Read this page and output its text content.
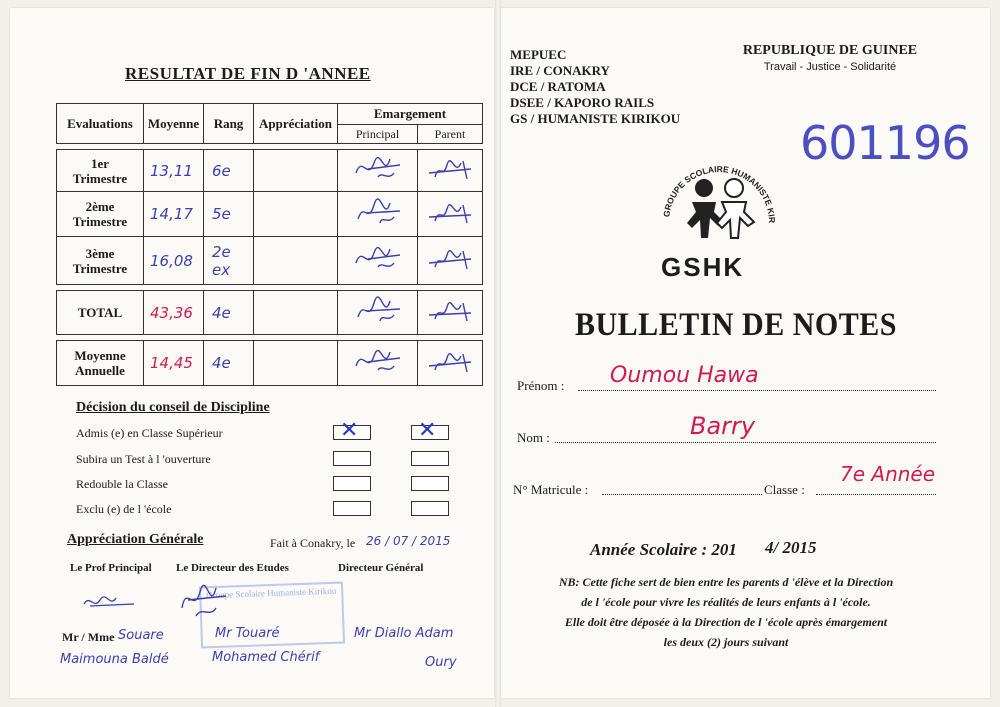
RESULTAT DE FIN D 'ANNEE
Evaluations	Moyenne	Rang	Appréciation	Emargement	
				Principal	Parent

1er
Trimestre	13,11	6e			
2ème
Trimestre	14,17	5e			
3ème
Trimestre	16,08	2e ex			

TOTAL	43,36	4e			

Moyenne
Annuelle	14,45	4e			
Décision du conseil de Discipline
Admis (e) en Classe Supérieur	✕	✕
Subira un Test à l 'ouverture
Redouble la Classe
Exclu (e) de l 'école
Appréciation Générale	Fait à Conakry, le 26 / 07 / 2015
Le Prof Principal Le Directeur des Etudes	Directeur Général
Groupe Scolaire Humaniste Kirikou
Mr / Mme Souare
Maimouna Baldé
Mr Touaré
Mohamed Chérif
Mr Diallo Adam
Oury
MEPUEC
IRE / CONAKRY
DCE / RATOMA
DSEE / KAPORO RAILS
GS / HUMANISTE KIRIKOU
REPUBLIQUE DE GUINEE
Travail - Justice - Solidarité
601196
GROUPE SCOLAIRE HUMANISTE KIR
GSHK
BULLETIN DE NOTES
Prénom : Oumou Hawa
Nom :	Barry
N° Matricule :	Classe :
7e Année
Année Scolaire : 201 4/ 2015
NB: Cette fiche sert de bien entre les parents d 'élève et la Direction
de l 'école pour vivre les réalités de leurs enfants à l 'école.
Elle doit être déposée à la Direction de l 'école après émargement
les deux (2) jours suivant
